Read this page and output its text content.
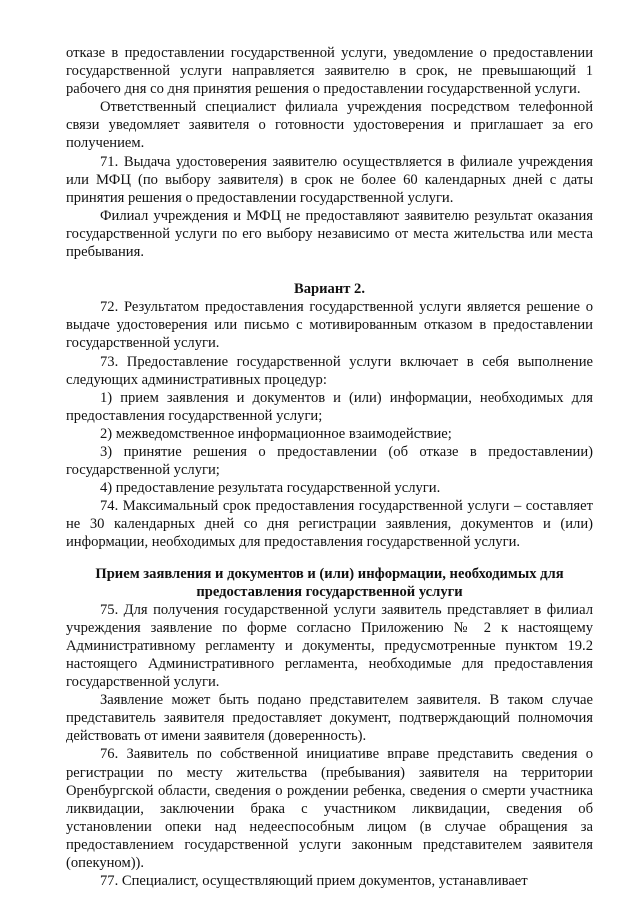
отказе в предоставлении государственной услуги, уведомление о предоставлении государственной услуги направляется заявителю в срок, не превышающий 1 рабочего дня со дня принятия решения о предоставлении государственной услуги.

Ответственный специалист филиала учреждения посредством телефонной связи уведомляет заявителя о готовности удостоверения и приглашает за его получением.

71. Выдача удостоверения заявителю осуществляется в филиале учреждения или МФЦ (по выбору заявителя) в срок не более 60 календарных дней с даты принятия решения о предоставлении государственной услуги.

Филиал учреждения и МФЦ не предоставляют заявителю результат оказания государственной услуги по его выбору независимо от места жительства или места пребывания.

Вариант 2.

72. Результатом предоставления государственной услуги является решение о выдаче удостоверения или письмо с мотивированным отказом в предоставлении государственной услуги.

73. Предоставление государственной услуги включает в себя выполнение следующих административных процедур:

1) прием заявления и документов и (или) информации, необходимых для предоставления государственной услуги;

2) межведомственное информационное взаимодействие;

3) принятие решения о предоставлении (об отказе в предоставлении) государственной услуги;

4) предоставление результата государственной услуги.

74. Максимальный срок предоставления государственной услуги – составляет не 30 календарных дней со дня регистрации заявления, документов и (или) информации, необходимых для предоставления государственной услуги.

Прием заявления и документов и (или) информации, необходимых для
предоставления государственной услуги

75. Для получения государственной услуги заявитель представляет в филиал учреждения заявление по форме согласно Приложению № 2 к настоящему Административному регламенту и документы, предусмотренные пунктом 19.2 настоящего Административного регламента, необходимые для предоставления государственной услуги.

Заявление может быть подано представителем заявителя. В таком случае представитель заявителя предоставляет документ, подтверждающий полномочия действовать от имени заявителя (доверенность).

76. Заявитель по собственной инициативе вправе представить сведения о регистрации по месту жительства (пребывания) заявителя на территории Оренбургской области, сведения о рождении ребенка, сведения о смерти участника ликвидации, заключении брака с участником ликвидации, сведения об установлении опеки над недееспособным лицом (в случае обращения за предоставлением государственной услуги законным представителем заявителя (опекуном)).

77. Специалист, осуществляющий прием документов, устанавливает
